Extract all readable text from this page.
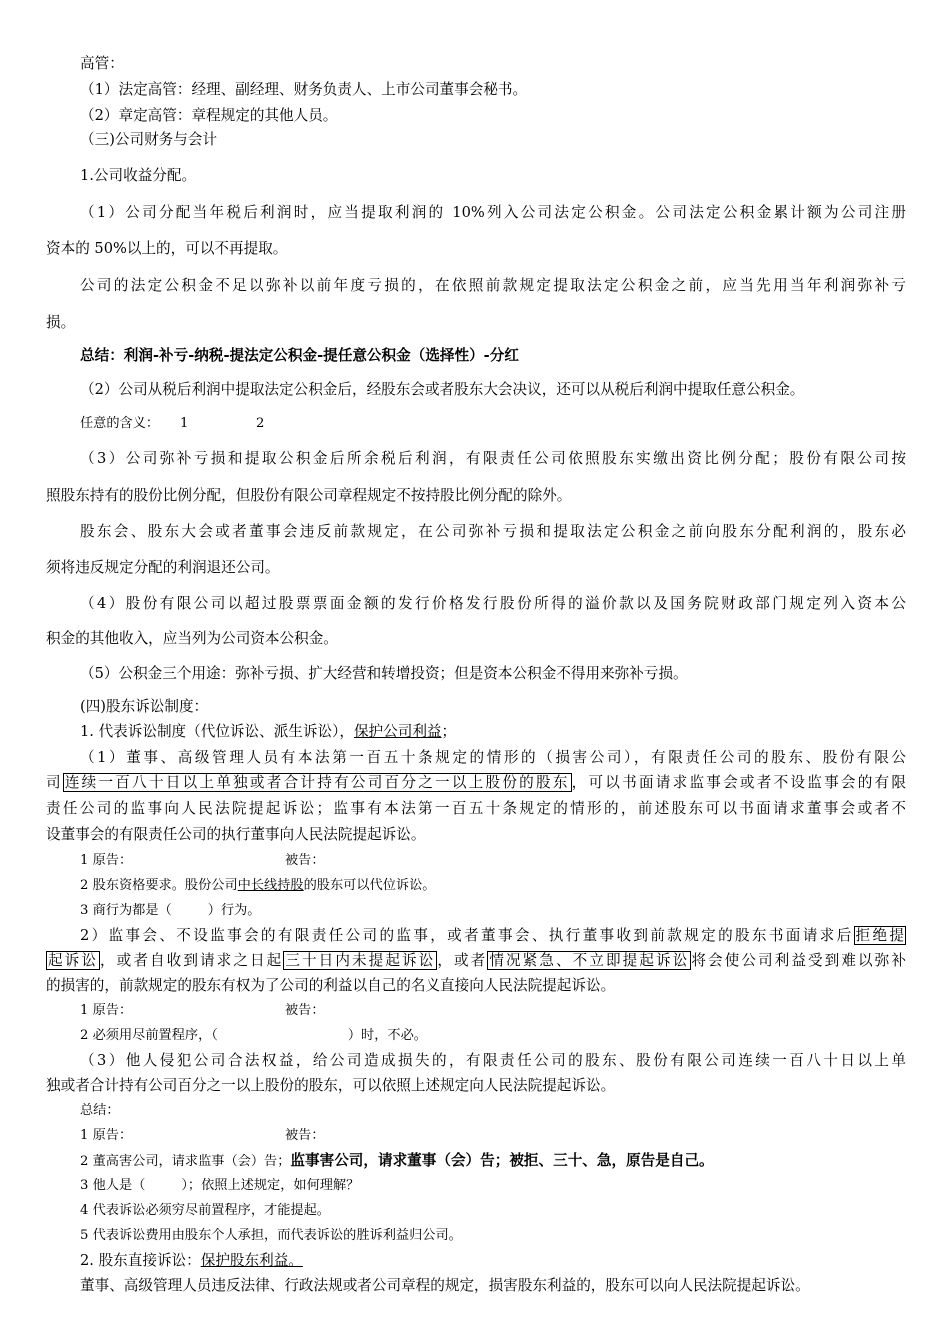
高管：
（1）法定高管：经理、副经理、财务负责人、上市公司董事会秘书。
（2）章定高管：章程规定的其他人员。
（三)公司财务与会计
1.公司收益分配。
（1）公司分配当年税后利润时，应当提取利润的 10%列入公司法定公积金。公司法定公积金累计额为公司注册
资本的 50%以上的，可以不再提取。
公司的法定公积金不足以弥补以前年度亏损的，在依照前款规定提取法定公积金之前，应当先用当年利润弥补亏
损。
总结：利润-补亏-纳税-提法定公积金-提任意公积金（选择性）-分红
（2）公司从税后利润中提取法定公积金后，经股东会或者股东大会决议，还可以从税后利润中提取任意公积金。
任意的含义： 1	2
（3）公司弥补亏损和提取公积金后所余税后利润，有限责任公司依照股东实缴出资比例分配；股份有限公司按
照股东持有的股份比例分配，但股份有限公司章程规定不按持股比例分配的除外。
股东会、股东大会或者董事会违反前款规定，在公司弥补亏损和提取法定公积金之前向股东分配利润的，股东必
须将违反规定分配的利润退还公司。
（4）股份有限公司以超过股票票面金额的发行价格发行股份所得的溢价款以及国务院财政部门规定列入资本公
积金的其他收入，应当列为公司资本公积金。
（5）公积金三个用途：弥补亏损、扩大经营和转增投资；但是资本公积金不得用来弥补亏损。
(四)股东诉讼制度：
1. 代表诉讼制度（代位诉讼、派生诉讼），保护公司利益；
（1）董事、高级管理人员有本法第一百五十条规定的情形的（损害公司），有限责任公司的股东、股份有限公
司 连续一百八十日以上单独或者合计持有公司百分之一以上股份的股东 ，可以书面请求监事会或者不设监事会的有限
责任公司的监事向人民法院提起诉讼；监事有本法第一百五十条规定的情形的，前述股东可以书面请求董事会或者不
设董事会的有限责任公司的执行董事向人民法院提起诉讼。
1 原告：	被告：
2 股东资格要求。股份公司中长线持股的股东可以代位诉讼。
3 商行为都是（	）行为。
2）监事会、不设监事会的有限责任公司的监事，或者董事会、执行董事收到前款规定的股东书面请求后 拒绝提
起诉讼 ，或者自收到请求之日起 三十日内未提起诉讼 ，或者 情况紧急、不立即提起诉讼 将会使公司利益受到难以弥补
的损害的，前款规定的股东有权为了公司的利益以自己的名义直接向人民法院提起诉讼。
1 原告：	被告：
2 必须用尽前置程序，（	）时，不必。
（3）他人侵犯公司合法权益，给公司造成损失的，有限责任公司的股东、股份有限公司连续一百八十日以上单
独或者合计持有公司百分之一以上股份的股东，可以依照上述规定向人民法院提起诉讼。
总结：
1 原告：	被告：
2 董高害公司，请求监事（会）告；监事害公司，请求董事（会）告；被拒、三十、急，原告是自己。
3 他人是（	）；依照上述规定，如何理解？
4 代表诉讼必须穷尽前置程序，才能提起。
5 代表诉讼费用由股东个人承担，而代表诉讼的胜诉利益归公司。
2. 股东直接诉讼：保护股东利益。
董事、高级管理人员违反法律、行政法规或者公司章程的规定，损害股东利益的，股东可以向人民法院提起诉讼。
